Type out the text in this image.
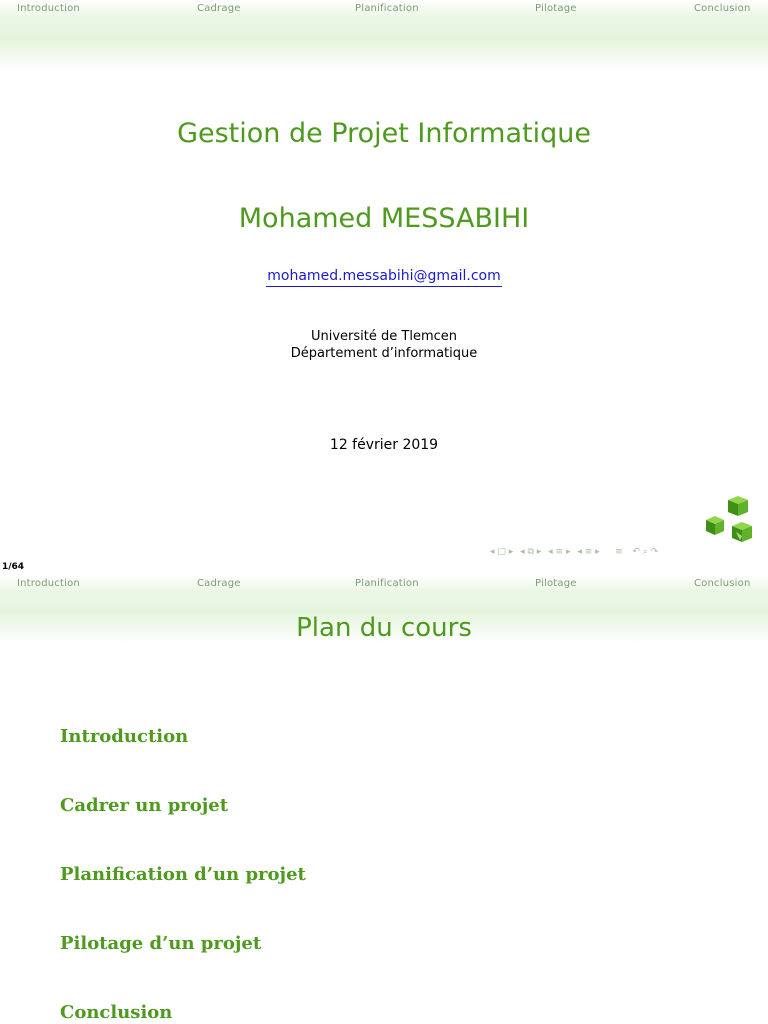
Introduction	Cadrage	Planification	Pilotage	Conclusion
Gestion de Projet Informatique
Mohamed MESSABIHI
mohamed.messabihi@gmail.com
Université de Tlemcen
Département d’informatique
12 février 2019
◂ □ ▸ ◂ ⧉ ▸ ◂ ≡ ▸ ◂ ≡ ▸ ≡ ↶ ⌕ ↷
1/64
Introduction	Cadrage	Planification	Pilotage	Conclusion
Plan du cours
Introduction
Cadrer un projet
Planification d’un projet
Pilotage d’un projet
Conclusion
